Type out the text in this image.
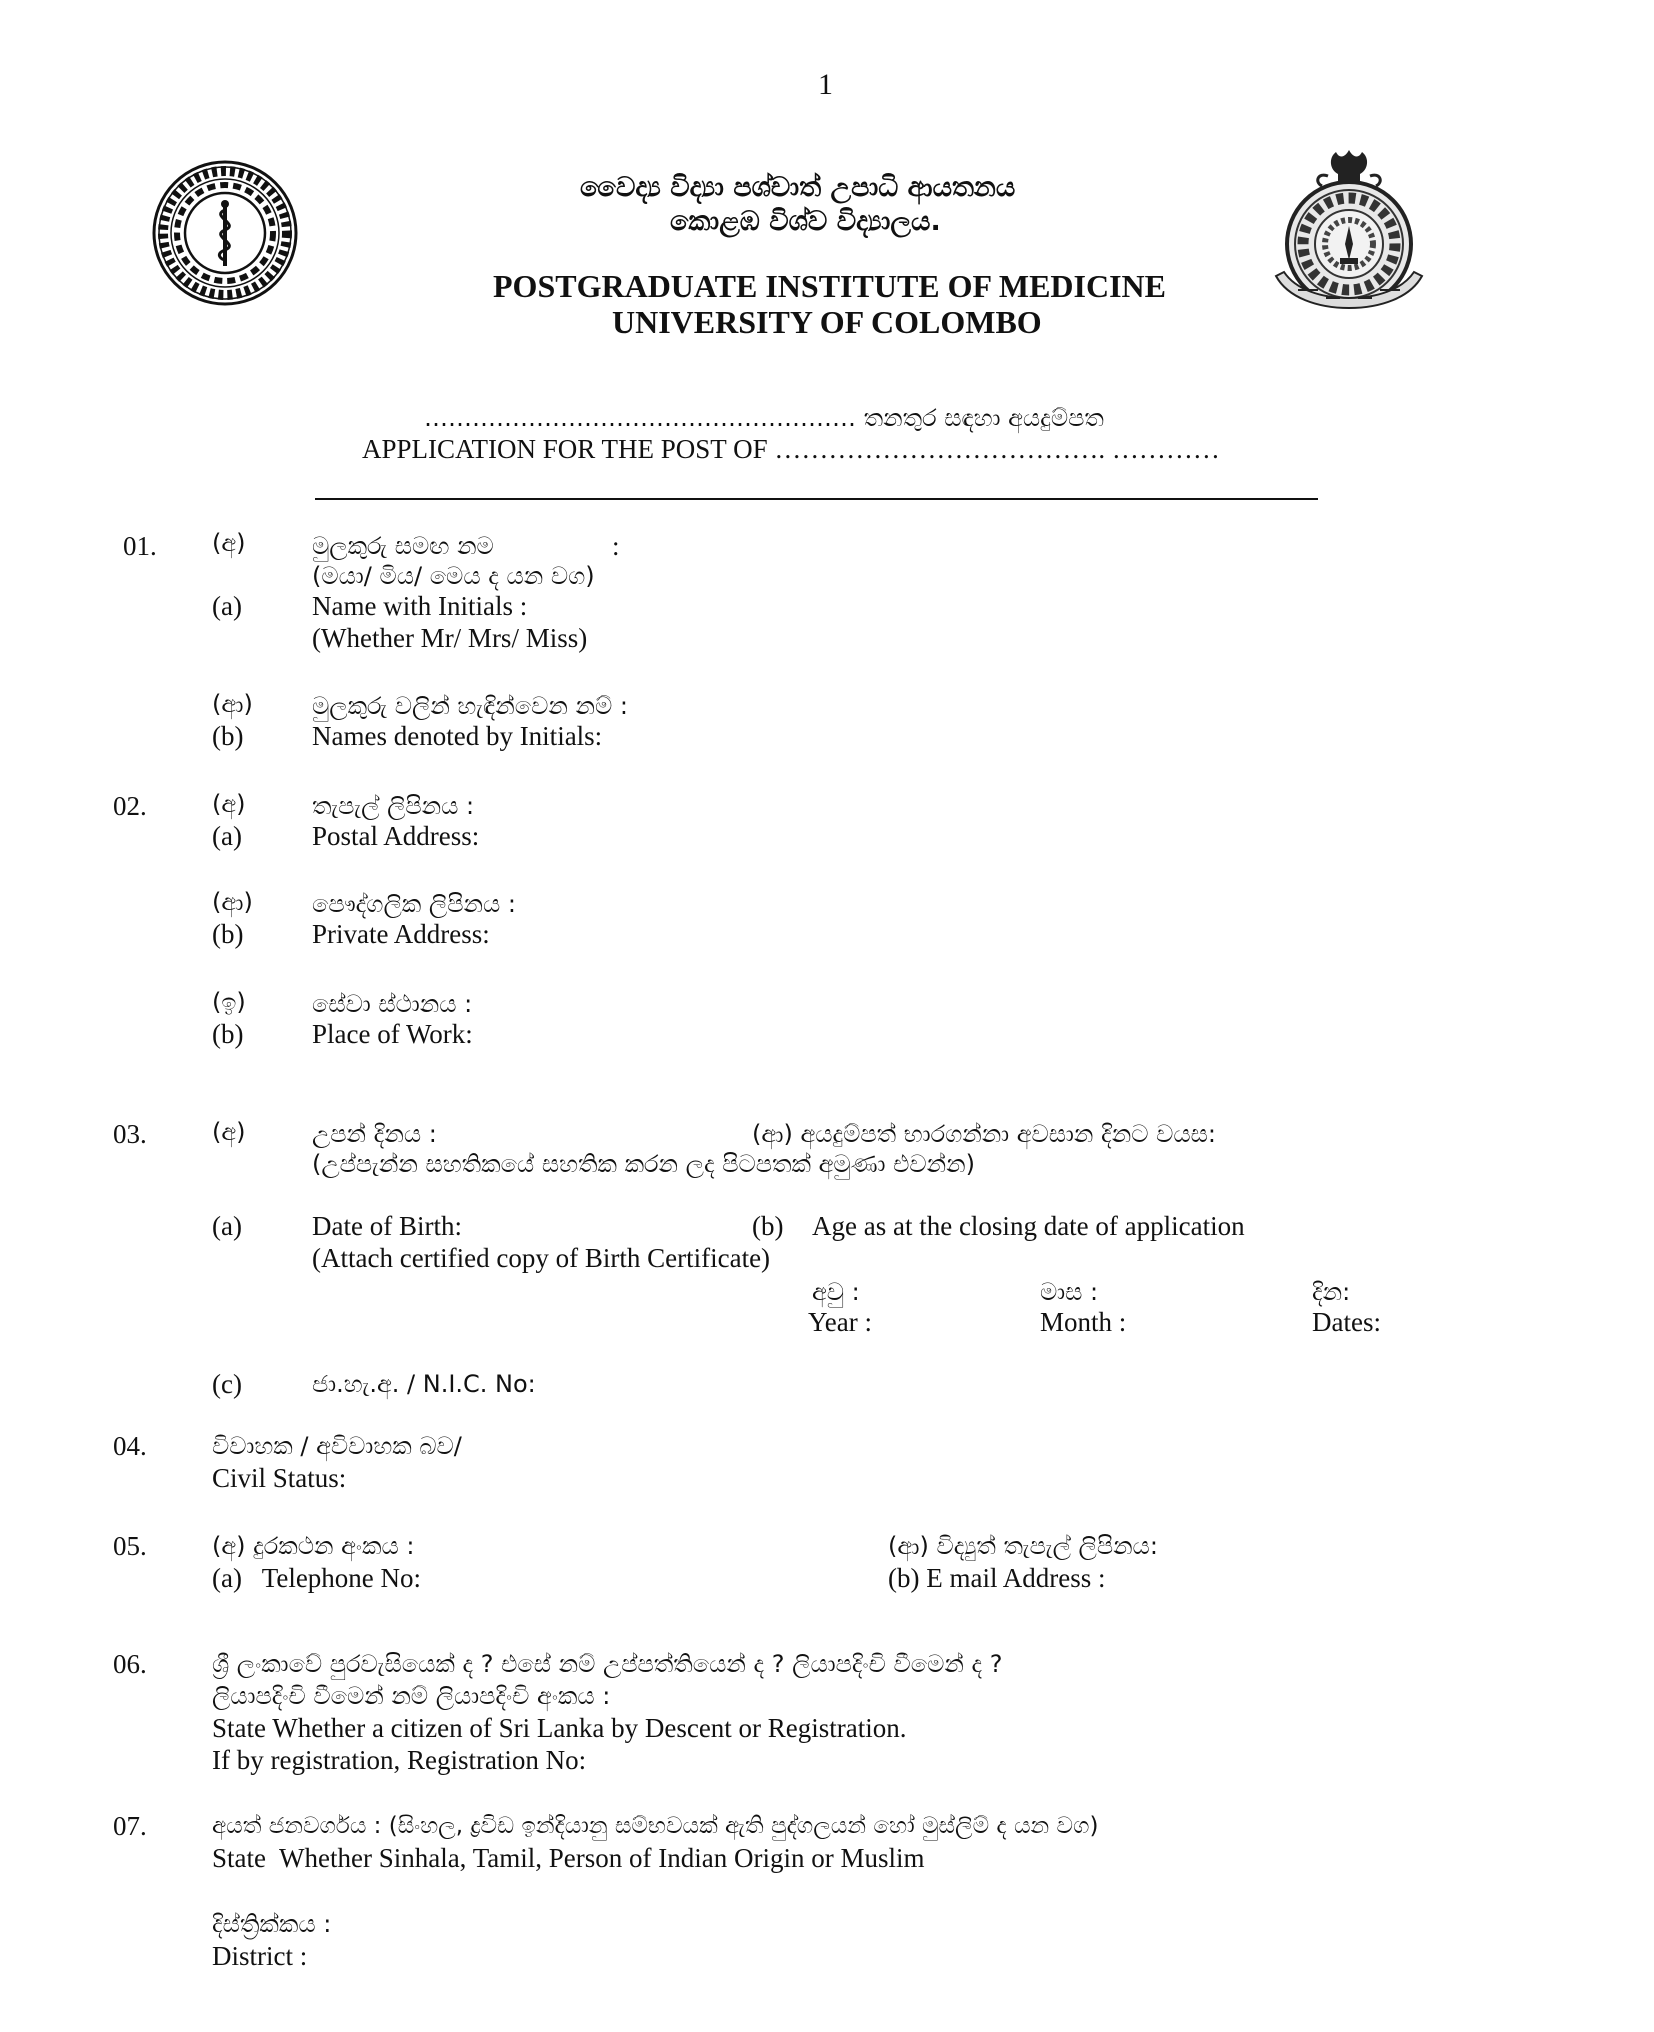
1
වෛද්‍ය විද්‍යා පශ්චාත් උපාධි ආයතනය
කොළඹ විශ්ව විද්‍යාලය.
POSTGRADUATE INSTITUTE OF MEDICINE
UNIVERSITY OF COLOMBO
……………………………………………… තනතුර සඳහා අයදුම්පත
APPLICATION FOR THE POST OF ………………………………. …………
01. (අ)	මුලකුරු සමඟ නම	:
(මයා/ මිය/ මෙය ද යන වග)
(a)	Name with Initials :
(Whether Mr/ Mrs/ Miss)
(ආ) මුලකුරු වලින් හැඳින්වෙන නම් :
(b)	Names denoted by Initials:
02.	(අ)	තැපැල් ලිපිනය :
(a)	Postal Address:
(ආ) පෞද්ගලික ලිපිනය :
(b)	Private Address:
(ඉ)	සේවා ස්ථානය :
(b)	Place of Work:
03.	(අ)	උපන් දිනය :	(ආ) අයදුම්පත් භාරගන්නා අවසාන දිනට වයස:
(උප්පැන්න සහතිකයේ සහතික කරන ලද පිටපතක් අමුණා එවන්න)
(a)	Date of Birth:	(b) Age as at the closing date of application
(Attach certified copy of Birth Certificate)
අවු :	මාස :	දින:
Year :	Month :	Dates:
(c)	ජා.හැ.අ. / N.I.C. No:
04.	විවාහක / අවිවාහක බව/
Civil Status:
05.	(අ) දුරකථන අංකය :	(ආ) විද්‍යුත් තැපැල් ලිපිනය:
(a)   Telephone No:	(b) E mail Address :
06.	ශ්‍රී ලංකාවේ පුරවැසියෙක් ද ? එසේ නම් උප්පත්තියෙන් ද ? ලියාපදිංචි වීමෙන් ද ?
ලියාපදිංචි වීමෙන් නම් ලියාපදිංචි අංකය :
State Whether a citizen of Sri Lanka by Descent or Registration.
If by registration, Registration No:
07.	අයත් ජනවර්ගය : (සිංහල, ද්‍රවිඩ ඉන්දියානු සම්භවයක් ඇති පුද්ගලයන් හෝ මුස්ලිම් ද යන වග)
State  Whether Sinhala, Tamil, Person of Indian Origin or Muslim
දිස්ත්‍රික්කය :
District :
